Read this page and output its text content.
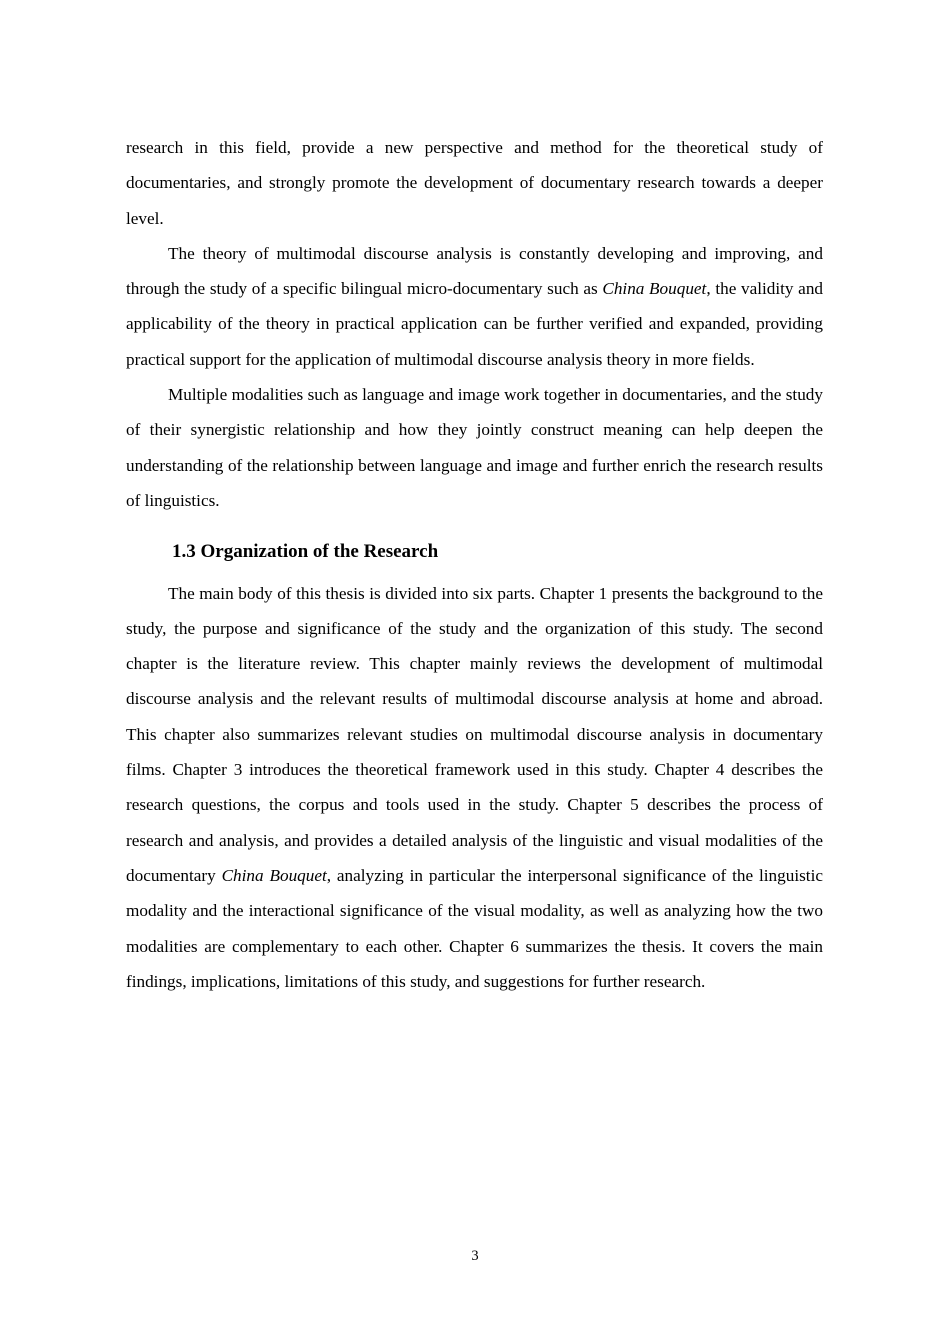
research in this field, provide a new perspective and method for the theoretical study of documentaries, and strongly promote the development of documentary research towards a deeper level.

The theory of multimodal discourse analysis is constantly developing and improving, and through the study of a specific bilingual micro-documentary such as China Bouquet, the validity and applicability of the theory in practical application can be further verified and expanded, providing practical support for the application of multimodal discourse analysis theory in more fields.

Multiple modalities such as language and image work together in documentaries, and the study of their synergistic relationship and how they jointly construct meaning can help deepen the understanding of the relationship between language and image and further enrich the research results of linguistics.

1.3 Organization of the Research

The main body of this thesis is divided into six parts. Chapter 1 presents the background to the study, the purpose and significance of the study and the organization of this study. The second chapter is the literature review. This chapter mainly reviews the development of multimodal discourse analysis and the relevant results of multimodal discourse analysis at home and abroad. This chapter also summarizes relevant studies on multimodal discourse analysis in documentary films. Chapter 3 introduces the theoretical framework used in this study. Chapter 4 describes the research questions, the corpus and tools used in the study. Chapter 5 describes the process of research and analysis, and provides a detailed analysis of the linguistic and visual modalities of the documentary China Bouquet, analyzing in particular the interpersonal significance of the linguistic modality and the interactional significance of the visual modality, as well as analyzing how the two modalities are complementary to each other. Chapter 6 summarizes the thesis. It covers the main findings, implications, limitations of this study, and suggestions for further research.

3
